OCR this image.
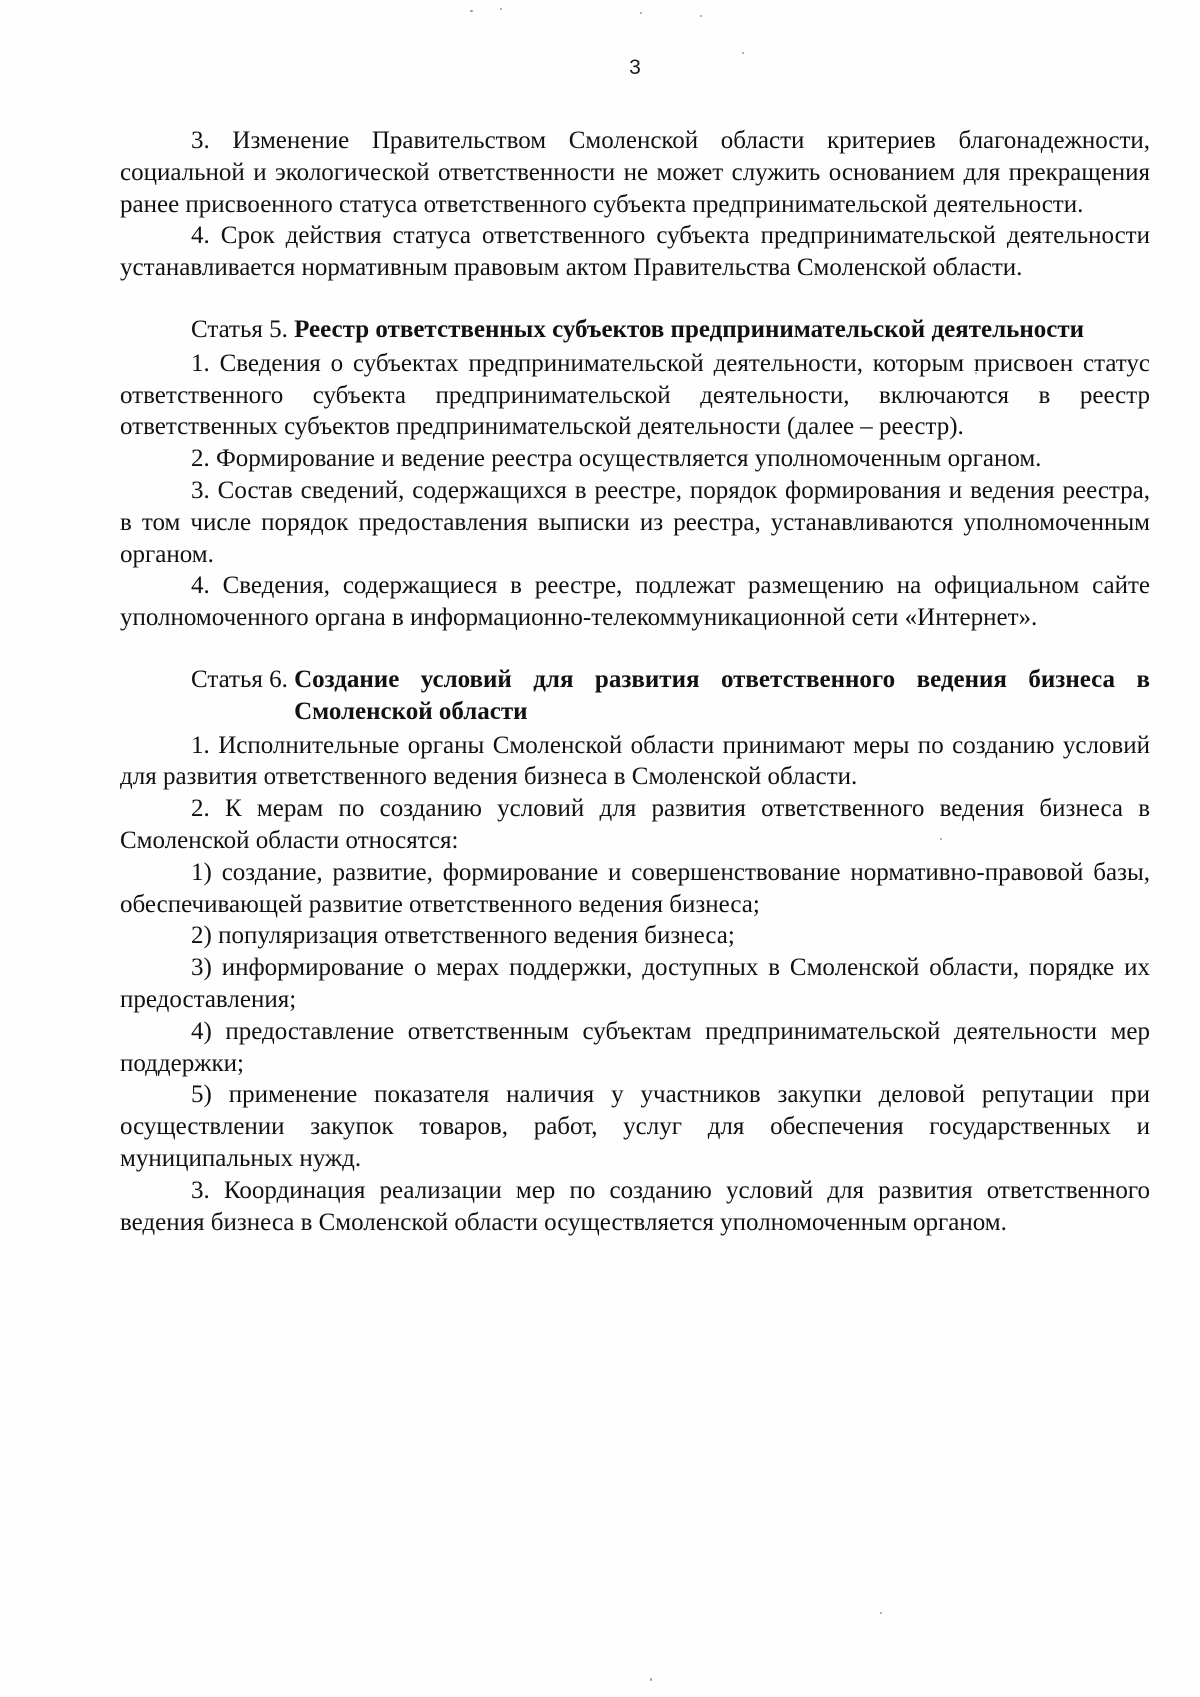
3

3. Изменение Правительством Смоленской области критериев благонадежности, социальной и экологической ответственности не может служить основанием для прекращения ранее присвоенного статуса ответственного субъекта предпринимательской деятельности.

4. Срок действия статуса ответственного субъекта предпринимательской деятельности устанавливается нормативным правовым актом Правительства Смоленской области.

Статья 5. Реестр ответственных субъектов предпринимательской деятельности

1. Сведения о субъектах предпринимательской деятельности, которым присвоен статус ответственного субъекта предпринимательской деятельности, включаются в реестр ответственных субъектов предпринимательской деятельности (далее – реестр).

2. Формирование и ведение реестра осуществляется уполномоченным органом.

3. Состав сведений, содержащихся в реестре, порядок формирования и ведения реестра, в том числе порядок предоставления выписки из реестра, устанавливаются уполномоченным органом.

4. Сведения, содержащиеся в реестре, подлежат размещению на официальном сайте уполномоченного органа в информационно-телекоммуникационной сети «Интернет».

Статья 6. Создание условий для развития ответственного ведения бизнеса в Смоленской области

1. Исполнительные органы Смоленской области принимают меры по созданию условий для развития ответственного ведения бизнеса в Смоленской области.

2. К мерам по созданию условий для развития ответственного ведения бизнеса в Смоленской области относятся:

1) создание, развитие, формирование и совершенствование нормативно-правовой базы, обеспечивающей развитие ответственного ведения бизнеса;

2) популяризация ответственного ведения бизнеса;

3) информирование о мерах поддержки, доступных в Смоленской области, порядке их предоставления;

4) предоставление ответственным субъектам предпринимательской деятельности мер поддержки;

5) применение показателя наличия у участников закупки деловой репутации при осуществлении закупок товаров, работ, услуг для обеспечения государственных и муниципальных нужд.

3. Координация реализации мер по созданию условий для развития ответственного ведения бизнеса в Смоленской области осуществляется уполномоченным органом.
